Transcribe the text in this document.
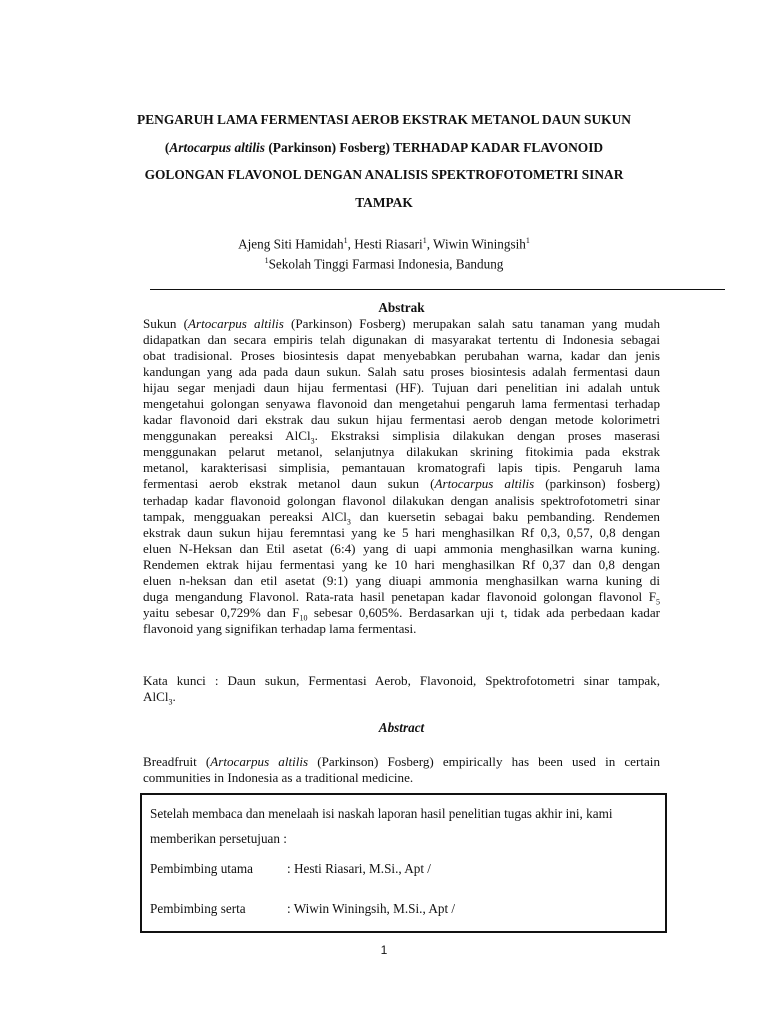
PENGARUH LAMA FERMENTASI AEROB EKSTRAK METANOL DAUN SUKUN
(Artocarpus altilis (Parkinson) Fosberg) TERHADAP KADAR FLAVONOID
GOLONGAN FLAVONOL DENGAN ANALISIS SPEKTROFOTOMETRI SINAR
TAMPAK
Ajeng Siti Hamidah$^1$, Hesti Riasari$^1$, Wiwin Winingsih$^1$
$^1$Sekolah Tinggi Farmasi Indonesia, Bandung
Abstrak
Sukun (Artocarpus altilis (Parkinson) Fosberg) merupakan salah satu tanaman yang mudah
didapatkan dan secara empiris telah digunakan di masyarakat tertentu di Indonesia sebagai
obat tradisional. Proses biosintesis dapat menyebabkan perubahan warna, kadar dan jenis
kandungan yang ada pada daun sukun. Salah satu proses biosintesis adalah fermentasi daun
hijau segar menjadi daun hijau fermentasi (HF). Tujuan dari penelitian ini adalah untuk
mengetahui golongan senyawa flavonoid dan mengetahui pengaruh lama fermentasi terhadap
kadar flavonoid dari ekstrak dau sukun hijau fermentasi aerob dengan metode kolorimetri
menggunakan pereaksi AlCl$_3$. Ekstraksi simplisia dilakukan dengan proses maserasi
menggunakan pelarut metanol, selanjutnya dilakukan skrining fitokimia pada ekstrak
metanol, karakterisasi simplisia, pemantauan kromatografi lapis tipis. Pengaruh lama
fermentasi aerob ekstrak metanol daun sukun (Artocarpus altilis (parkinson) fosberg)
terhadap kadar flavonoid golongan flavonol dilakukan dengan analisis spektrofotometri sinar
tampak, mengguakan pereaksi AlCl$_3$ dan kuersetin sebagai baku pembanding. Rendemen
ekstrak daun sukun hijau feremntasi yang ke 5 hari menghasilkan Rf 0,3, 0,57, 0,8 dengan
eluen N-Heksan dan Etil asetat (6:4) yang di uapi ammonia menghasilkan warna kuning.
Rendemen ektrak hijau fermentasi yang ke 10 hari menghasilkan Rf 0,37 dan 0,8 dengan
eluen n-heksan dan etil asetat (9:1) yang diuapi ammonia menghasilkan warna kuning di
duga mengandung Flavonol. Rata-rata hasil penetapan kadar flavonoid golongan flavonol $F_5$
yaitu sebesar 0,729% dan $F_{10}$ sebesar 0,605%. Berdasarkan uji t, tidak ada perbedaan kadar
flavonoid yang signifikan terhadap lama fermentasi.
Kata kunci : Daun sukun, Fermentasi Aerob, Flavonoid, Spektrofotometri sinar tampak,
AlCl$_3$.
Abstract
Breadfruit (Artocarpus altilis (Parkinson) Fosberg) empirically has been used in certain
communities in Indonesia as a traditional medicine.
Setelah membaca dan menelaah isi naskah laporan hasil penelitian tugas akhir ini, kami
memberikan persetujuan :
Pembimbing utama	: Hesti Riasari, M.Si., Apt /
Pembimbing serta	: Wiwin Winingsih, M.Si., Apt /
1
